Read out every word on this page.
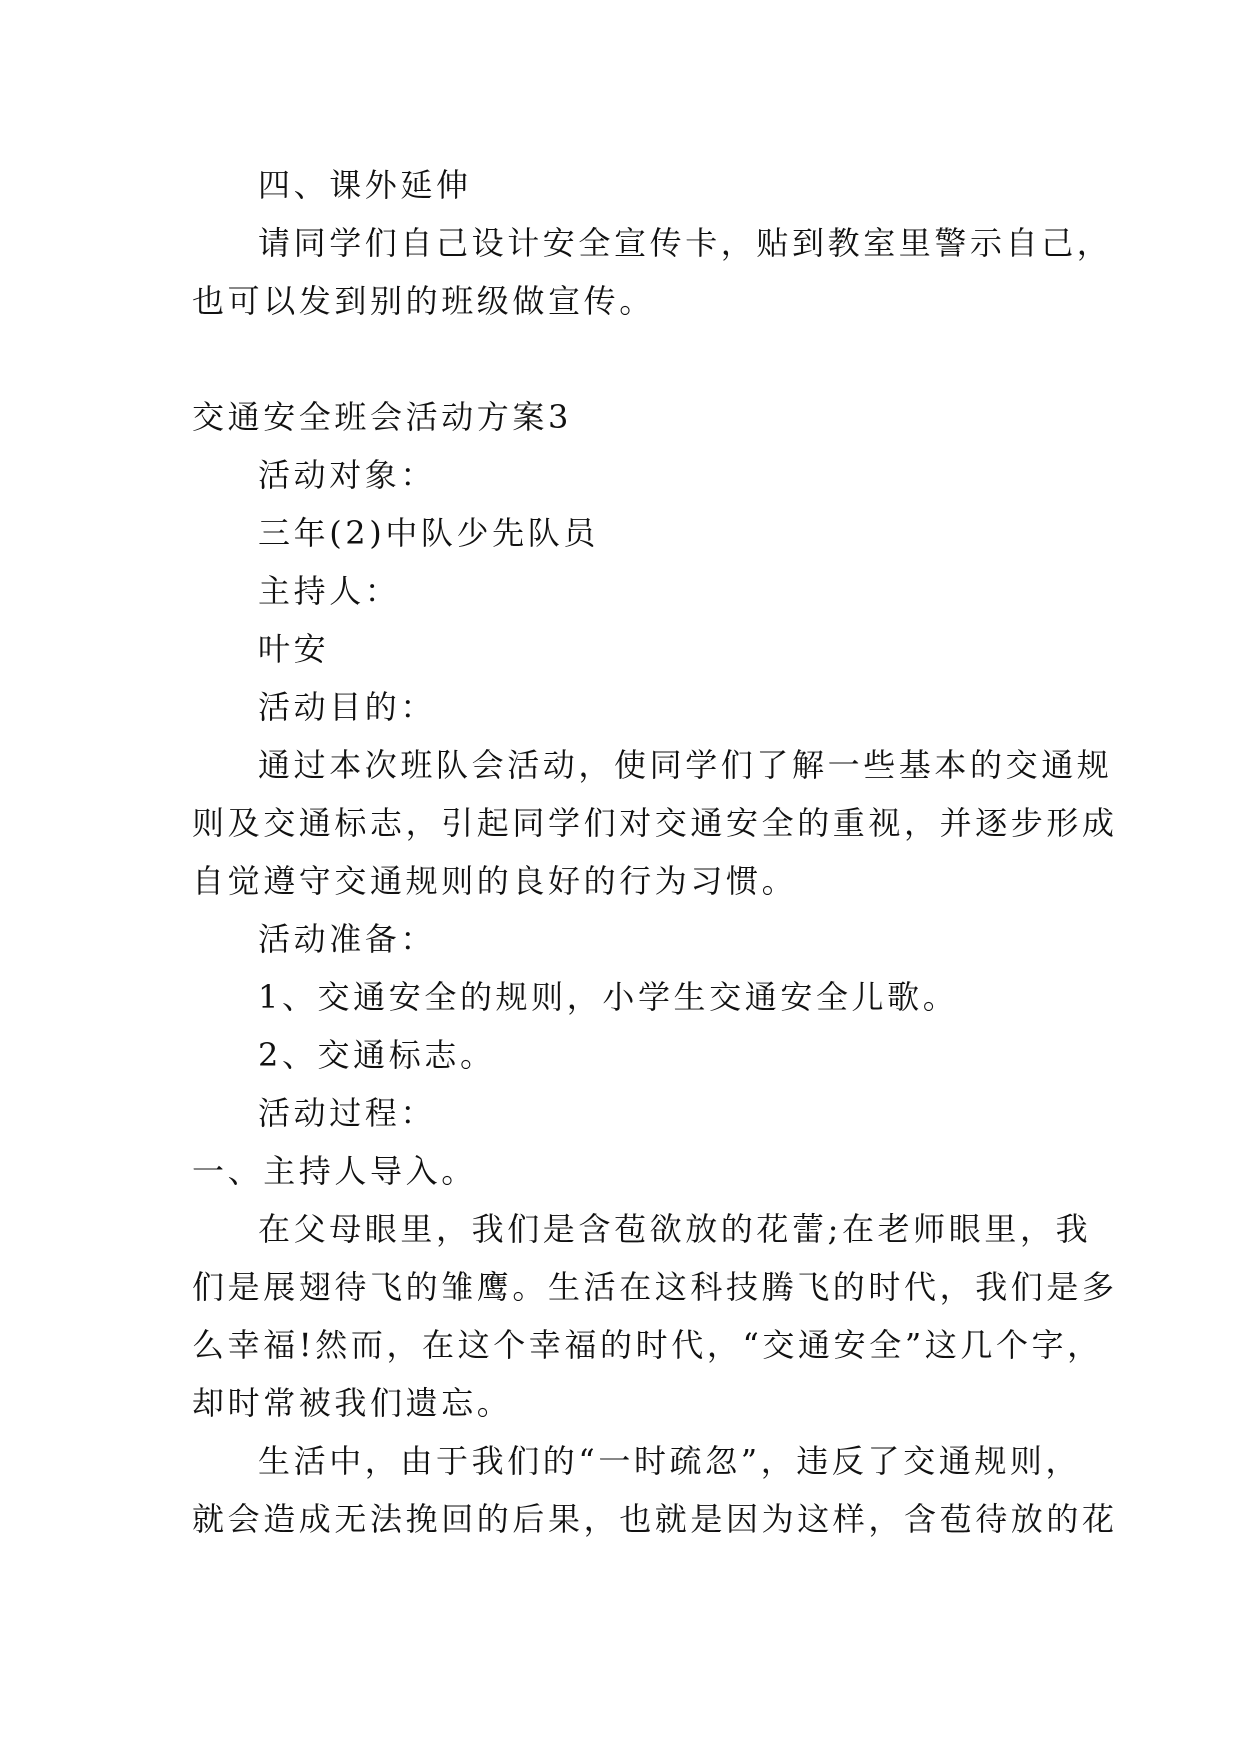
四、课外延伸
请同学们自己设计安全宣传卡，贴到教室里警示自己，
也可以发到别的班级做宣传。
交通安全班会活动方案3
活动对象：
三年(2)中队少先队员
主持人：
叶安
活动目的：
通过本次班队会活动，使同学们了解一些基本的交通规
则及交通标志，引起同学们对交通安全的重视，并逐步形成
自觉遵守交通规则的良好的行为习惯。
活动准备：
1、交通安全的规则，小学生交通安全儿歌。
2、交通标志。
活动过程：
一、主持人导入。
在父母眼里，我们是含苞欲放的花蕾;在老师眼里，我
们是展翅待飞的雏鹰。生活在这科技腾飞的时代，我们是多
么幸福!然而，在这个幸福的时代，“交通安全”这几个字，
却时常被我们遗忘。
生活中，由于我们的“一时疏忽”，违反了交通规则，
就会造成无法挽回的后果，也就是因为这样，含苞待放的花
